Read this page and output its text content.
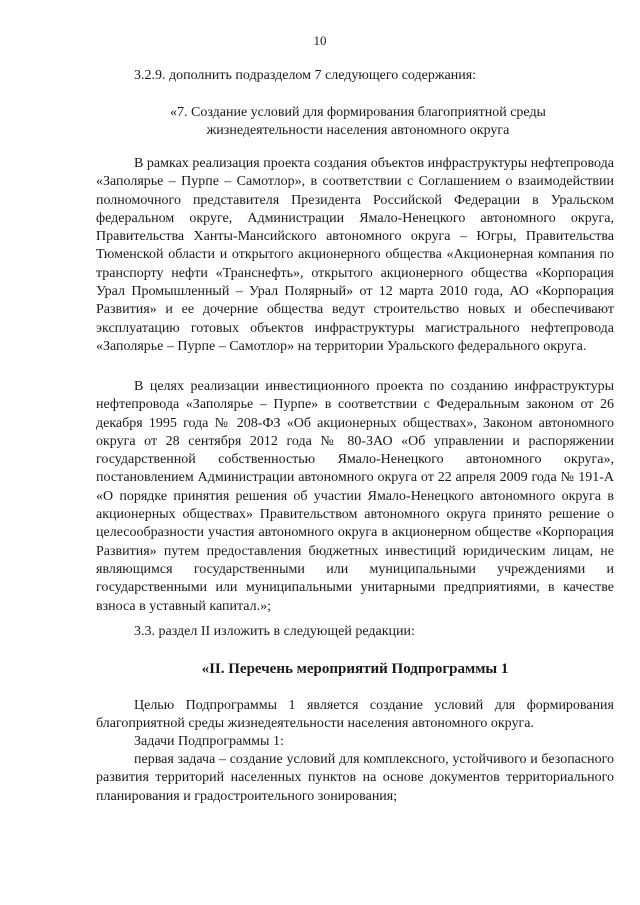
10

3.2.9. дополнить подразделом 7 следующего содержания:

«7. Создание условий для формирования благоприятной среды жизнедеятельности населения автономного округа

В рамках реализация проекта создания объектов инфраструктуры нефтепровода «Заполярье – Пурпе – Самотлор», в соответствии с Соглашением о взаимодействии полномочного представителя Президента Российской Федерации в Уральском федеральном округе, Администрации Ямало-Ненецкого автономного округа, Правительства Ханты-Мансийского автономного округа – Югры, Правительства Тюменской области и открытого акционерного общества «Акционерная компания по транспорту нефти «Транснефть», открытого акционерного общества «Корпорация Урал Промышленный – Урал Полярный» от 12 марта 2010 года, АО «Корпорация Развития» и ее дочерние общества ведут строительство новых и обеспечивают эксплуатацию готовых объектов инфраструктуры магистрального нефтепровода «Заполярье – Пурпе – Самотлор» на территории Уральского федерального округа.

В целях реализации инвестиционного проекта по созданию инфраструктуры нефтепровода «Заполярье – Пурпе» в соответствии с Федеральным законом от 26 декабря 1995 года № 208-ФЗ «Об акционерных обществах», Законом автономного округа от 28 сентября 2012 года № 80-ЗАО «Об управлении и распоряжении государственной собственностью Ямало-Ненецкого автономного округа», постановлением Администрации автономного округа от 22 апреля 2009 года № 191-А «О порядке принятия решения об участии Ямало-Ненецкого автономного округа в акционерных обществах» Правительством автономного округа принято решение о целесообразности участия автономного округа в акционерном обществе «Корпорация Развития» путем предоставления бюджетных инвестиций юридическим лицам, не являющимся государственными или муниципальными учреждениями и государственными или муниципальными унитарными предприятиями, в качестве взноса в уставный капитал.»;

3.3. раздел II изложить в следующей редакции:

«II. Перечень мероприятий Подпрограммы 1

Целью Подпрограммы 1 является создание условий для формирования благоприятной среды жизнедеятельности населения автономного округа.

Задачи Подпрограммы 1:

первая задача – создание условий для комплексного, устойчивого и безопасного развития территорий населенных пунктов на основе документов территориального планирования и градостроительного зонирования;
